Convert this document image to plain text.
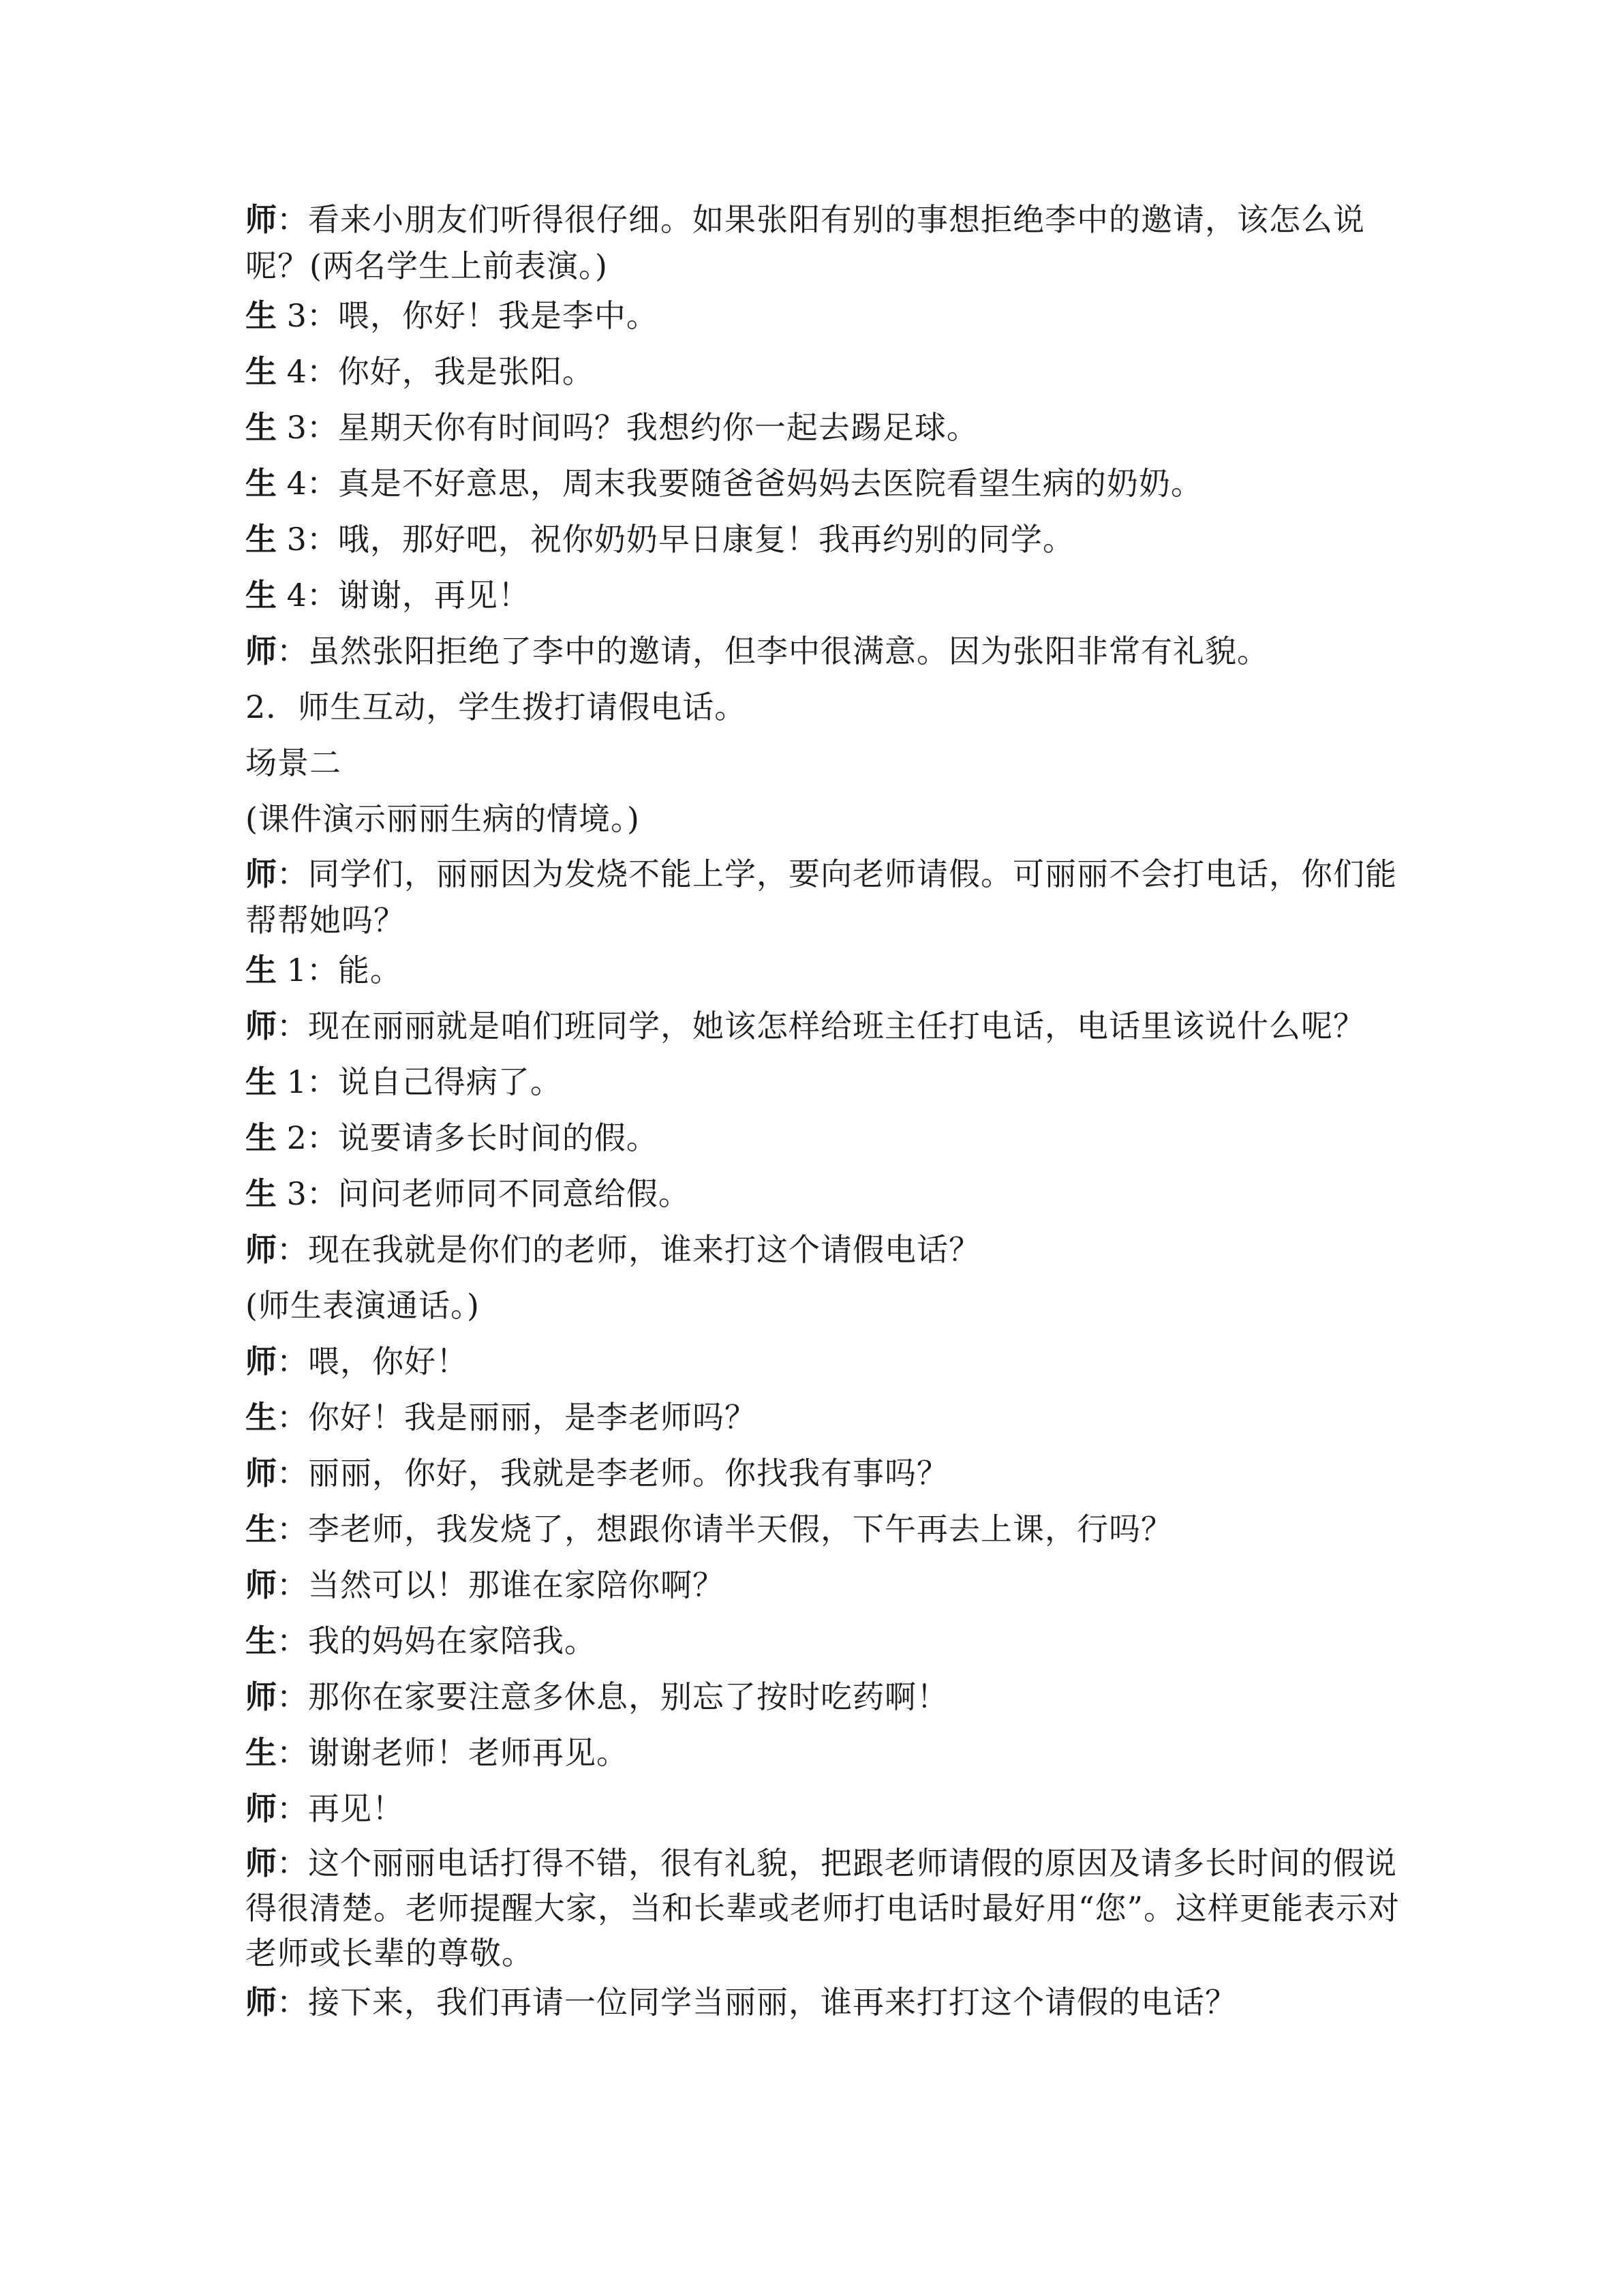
师：看来小朋友们听得很仔细。如果张阳有别的事想拒绝李中的邀请，该怎么说呢？(两名学生上前表演。)
生 3：喂，你好！我是李中。
生 4：你好，我是张阳。
生 3：星期天你有时间吗？我想约你一起去踢足球。
生 4：真是不好意思，周末我要随爸爸妈妈去医院看望生病的奶奶。
生 3：哦，那好吧，祝你奶奶早日康复！我再约别的同学。
生 4：谢谢，再见！
师：虽然张阳拒绝了李中的邀请，但李中很满意。因为张阳非常有礼貌。
2．师生互动，学生拨打请假电话。
场景二
(课件演示丽丽生病的情境。)
师：同学们，丽丽因为发烧不能上学，要向老师请假。可丽丽不会打电话，你们能帮帮她吗？
生 1：能。
师：现在丽丽就是咱们班同学，她该怎样给班主任打电话，电话里该说什么呢？
生 1：说自己得病了。
生 2：说要请多长时间的假。
生 3：问问老师同不同意给假。
师：现在我就是你们的老师，谁来打这个请假电话？
(师生表演通话。)
师：喂，你好！
生：你好！我是丽丽，是李老师吗？
师：丽丽，你好，我就是李老师。你找我有事吗？
生：李老师，我发烧了，想跟你请半天假，下午再去上课，行吗？
师：当然可以！那谁在家陪你啊？
生：我的妈妈在家陪我。
师：那你在家要注意多休息，别忘了按时吃药啊！
生：谢谢老师！老师再见。
师：再见！
师：这个丽丽电话打得不错，很有礼貌，把跟老师请假的原因及请多长时间的假说得很清楚。老师提醒大家，当和长辈或老师打电话时最好用“您”。这样更能表示对老师或长辈的尊敬。
师：接下来，我们再请一位同学当丽丽，谁再来打打这个请假的电话？
